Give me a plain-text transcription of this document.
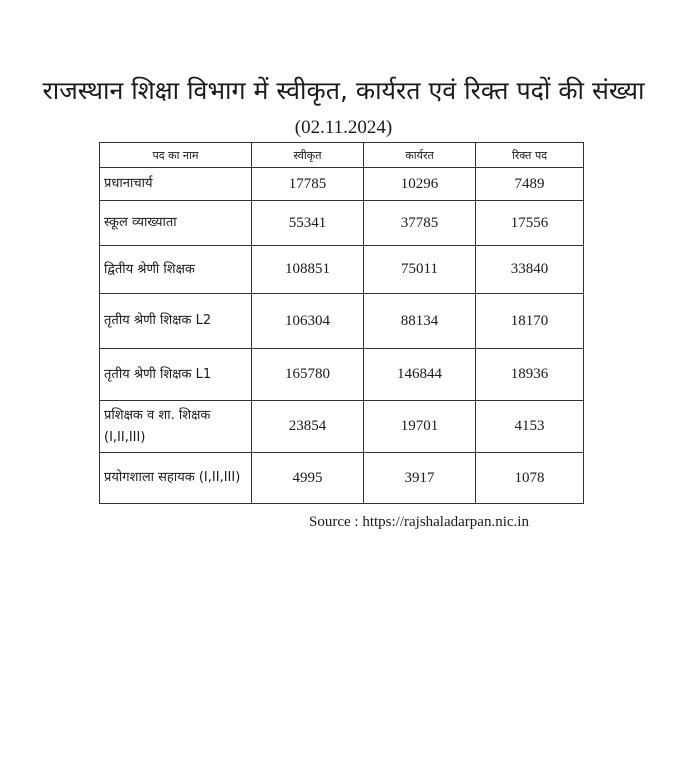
राजस्थान शिक्षा विभाग में स्वीकृत, कार्यरत एवं रिक्त पदों की संख्या
(02.11.2024)
पद का नाम	स्वीकृत	कार्यरत	रिक्त पद
प्रधानाचार्य	17785	10296	7489
स्कूल व्याख्याता	55341	37785	17556
द्वितीय श्रेणी शिक्षक	108851	75011	33840
तृतीय श्रेणी शिक्षक L2	106304	88134	18170
तृतीय श्रेणी शिक्षक L1	165780	146844	18936
प्रशिक्षक व शा. शिक्षक (I,II,III)	23854	19701	4153
प्रयोगशाला सहायक (I,II,III)	4995	3917	1078
Source : https://rajshaladarpan.nic.in
